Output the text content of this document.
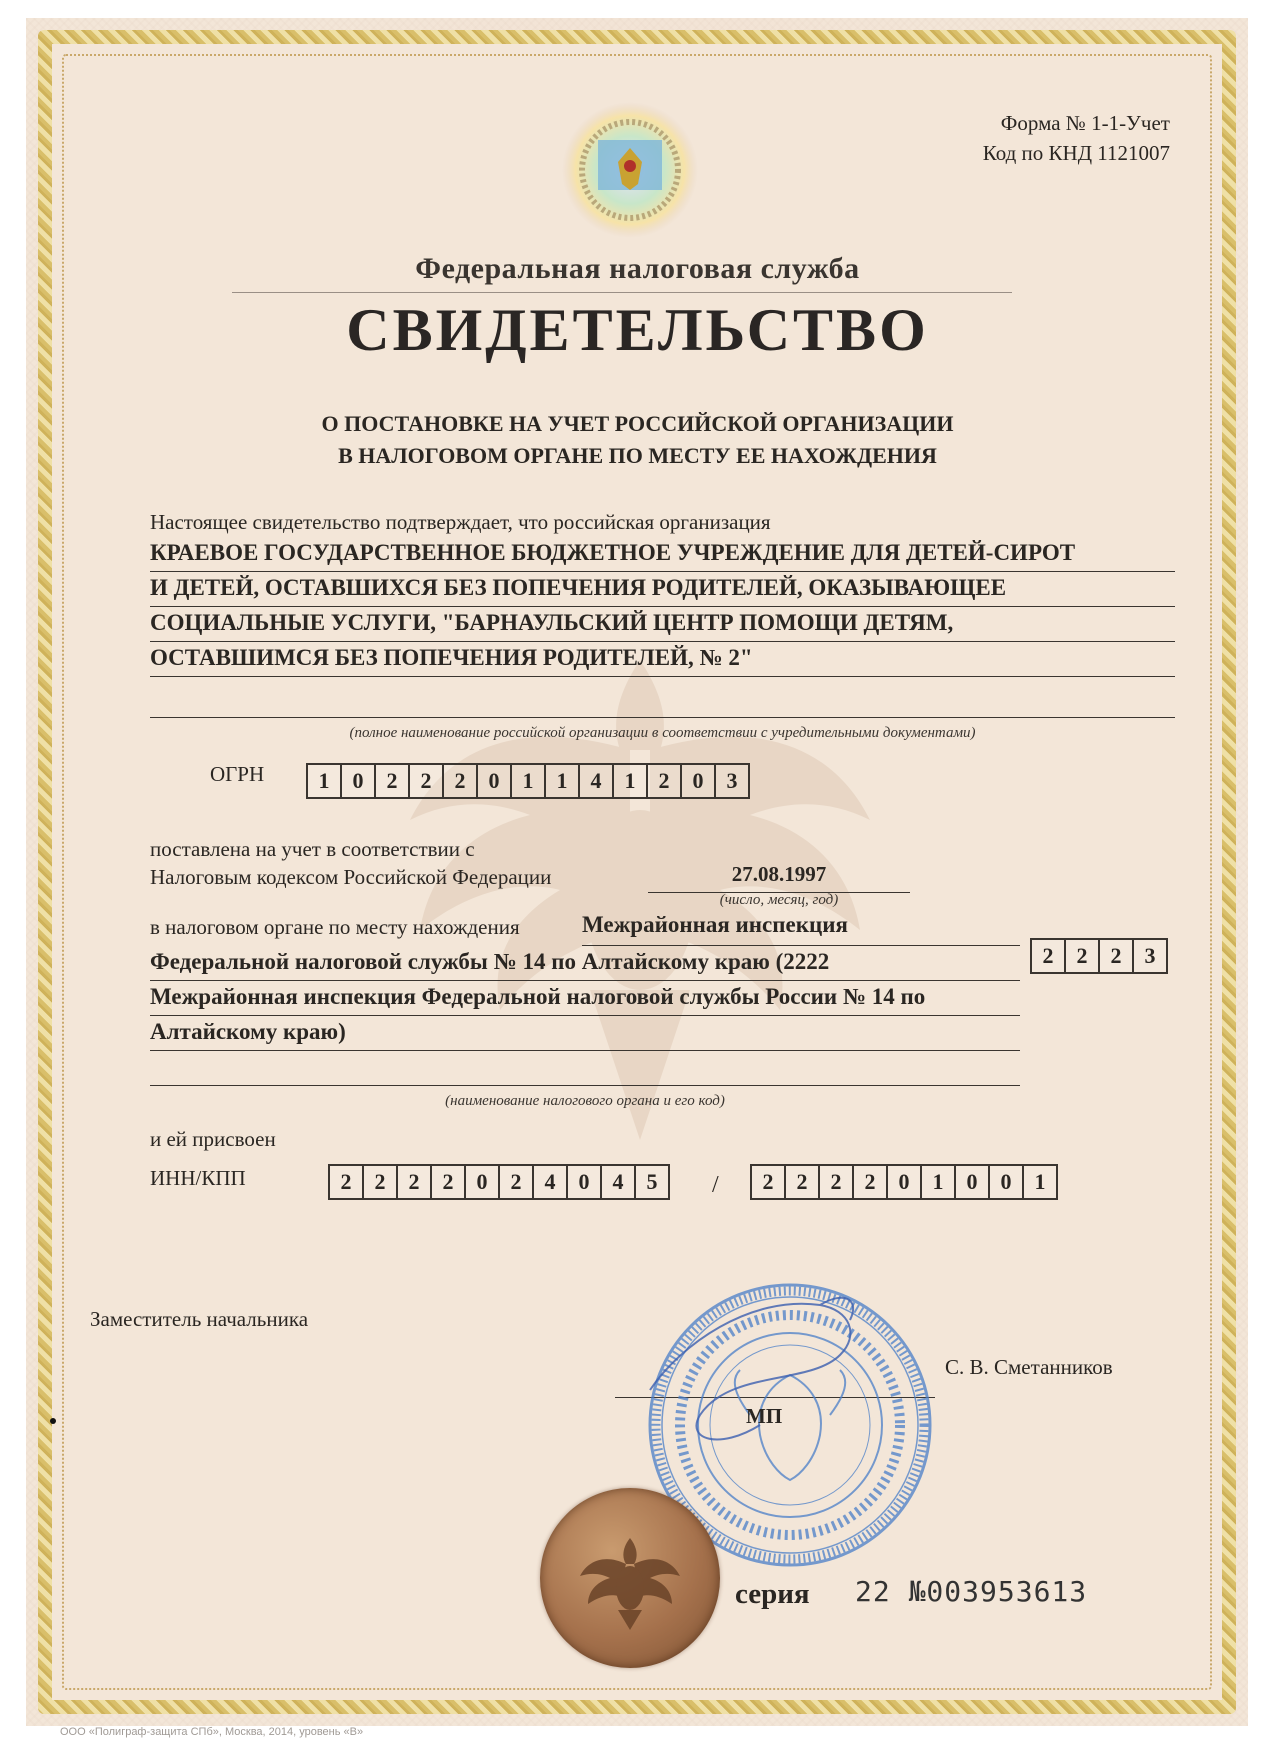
Форма № 1-1-Учет
Код по КНД 1121007
Федеральная налоговая служба
СВИДЕТЕЛЬСТВО
О ПОСТАНОВКЕ НА УЧЕТ РОССИЙСКОЙ ОРГАНИЗАЦИИ
В НАЛОГОВОМ ОРГАНЕ ПО МЕСТУ ЕЕ НАХОЖДЕНИЯ
Настоящее свидетельство подтверждает, что российская организация
КРАЕВОЕ ГОСУДАРСТВЕННОЕ БЮДЖЕТНОЕ УЧРЕЖДЕНИЕ ДЛЯ ДЕТЕЙ-СИРОТ
И ДЕТЕЙ, ОСТАВШИХСЯ БЕЗ ПОПЕЧЕНИЯ РОДИТЕЛЕЙ, ОКАЗЫВАЮЩЕЕ
СОЦИАЛЬНЫЕ УСЛУГИ, "БАРНАУЛЬСКИЙ ЦЕНТР ПОМОЩИ ДЕТЯМ,
ОСТАВШИМСЯ БЕЗ ПОПЕЧЕНИЯ РОДИТЕЛЕЙ, № 2"
(полное наименование российской организации в соответствии с учредительными документами)
ОГРН	1	0	2	2	2	0	1	1	4	1	2	0	3
поставлена на учет в соответствии с
Налоговым кодексом Российской Федерации	27.08.1997
(число, месяц, год)
в налоговом органе по месту нахождения	Межрайонная инспекция
Федеральной налоговой службы № 14 по Алтайскому краю (2222
Межрайонная инспекция Федеральной налоговой службы России № 14 по
Алтайскому краю)
(наименование налогового органа и его код)
2	2	2	3
и ей присвоен
ИНН/КПП	2	2	2	2	0	2	4	0	4	5	/	2	2	2	2	0	1	0	0	1
Заместитель начальника
С. В. Сметанников
МП
серия 22 №003953613
ООО «Полиграф-защита СПб», Москва, 2014, уровень «В»
